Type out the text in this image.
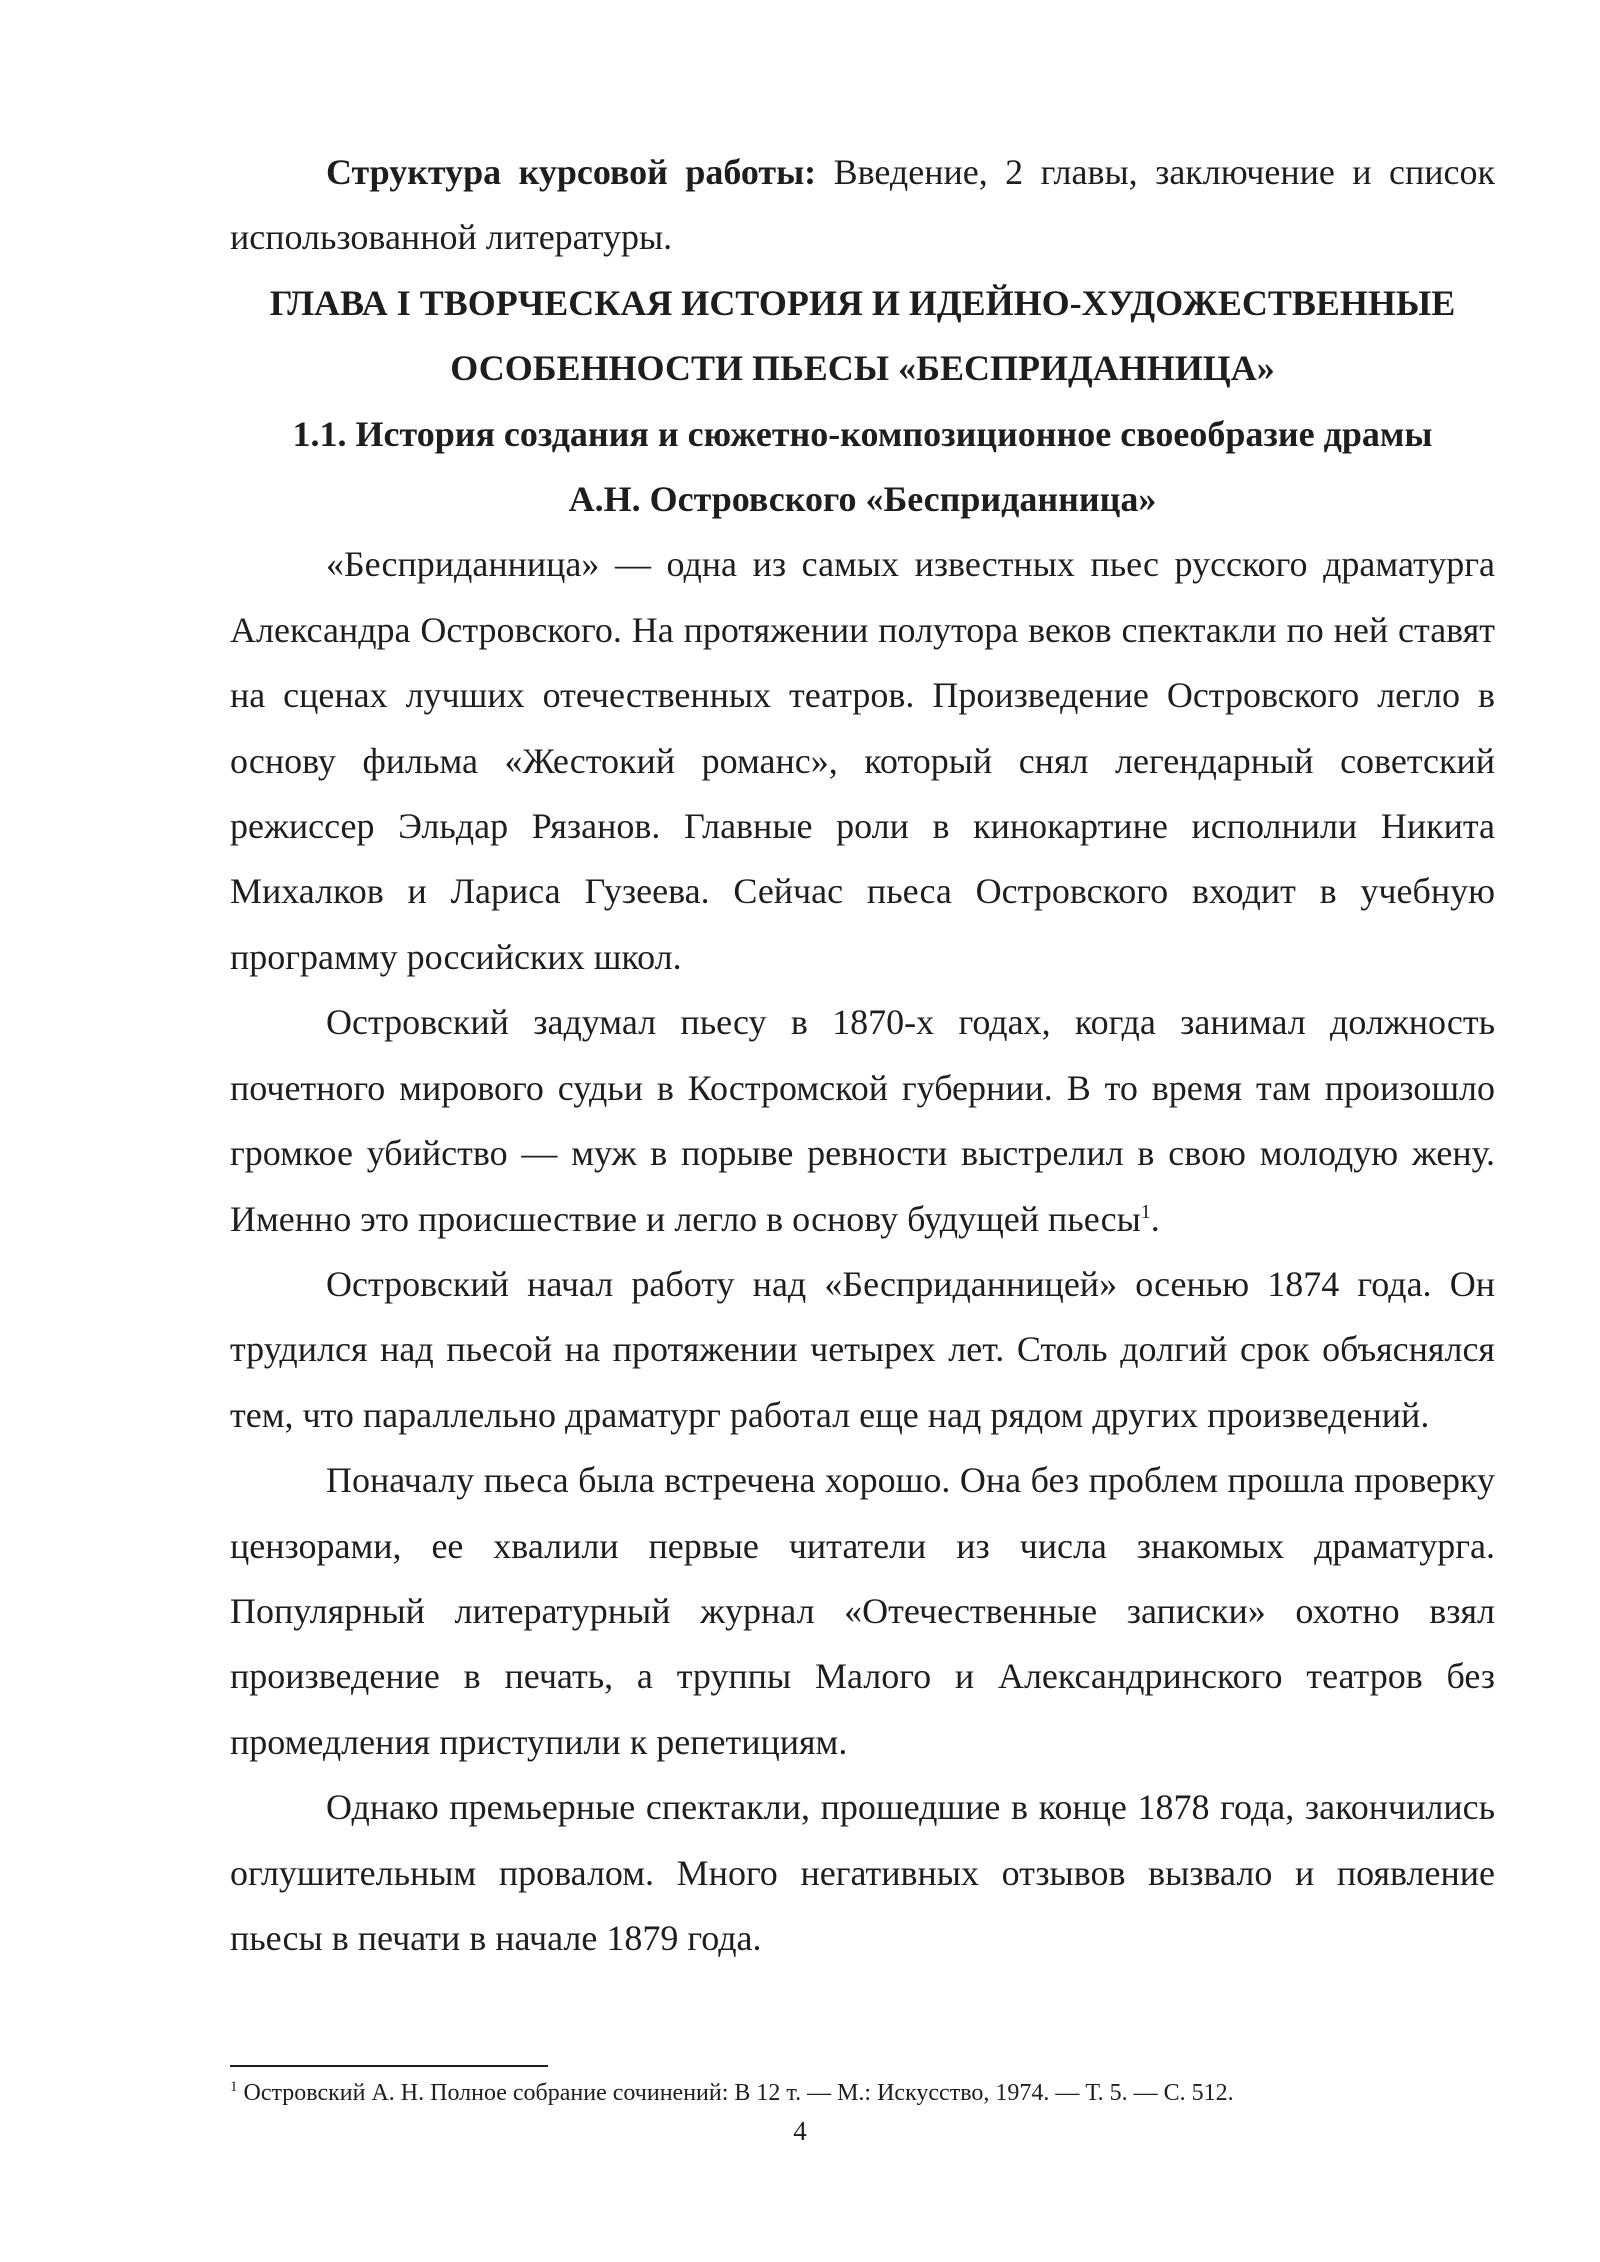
Структура курсовой работы: Введение, 2 главы, заключение и список использованной литературы.

ГЛАВА I ТВОРЧЕСКАЯ ИСТОРИЯ И ИДЕЙНО-ХУДОЖЕСТВЕННЫЕ
ОСОБЕННОСТИ ПЬЕСЫ «БЕСПРИДАННИЦА»

1.1. История создания и сюжетно-композиционное своеобразие драмы
А.Н. Островского «Бесприданница»

«Бесприданница» — одна из самых известных пьес русского драматурга Александра Островского. На протяжении полутора веков спектакли по ней ставят на сценах лучших отечественных театров. Произведение Островского легло в основу фильма «Жестокий романс», который снял легендарный советский режиссер Эльдар Рязанов. Главные роли в кинокартине исполнили Никита Михалков и Лариса Гузеева. Сейчас пьеса Островского входит в учебную программу российских школ.

Островский задумал пьесу в 1870-х годах, когда занимал должность почетного мирового судьи в Костромской губернии. В то время там произошло громкое убийство — муж в порыве ревности выстрелил в свою молодую жену. Именно это происшествие и легло в основу будущей пьесы$^1$.

Островский начал работу над «Бесприданницей» осенью 1874 года. Он трудился над пьесой на протяжении четырех лет. Столь долгий срок объяснялся тем, что параллельно драматург работал еще над рядом других произведений.

Поначалу пьеса была встречена хорошо. Она без проблем прошла проверку цензорами, ее хвалили первые читатели из числа знакомых драматурга. Популярный литературный журнал «Отечественные записки» охотно взял произведение в печать, а труппы Малого и Александринского театров без промедления приступили к репетициям.

Однако премьерные спектакли, прошедшие в конце 1878 года, закончились оглушительным провалом. Много негативных отзывов вызвало и появление пьесы в печати в начале 1879 года.

$^1$ Островский А. Н. Полное собрание сочинений: В 12 т. — М.: Искусство, 1974. — Т. 5. — С. 512.
4
